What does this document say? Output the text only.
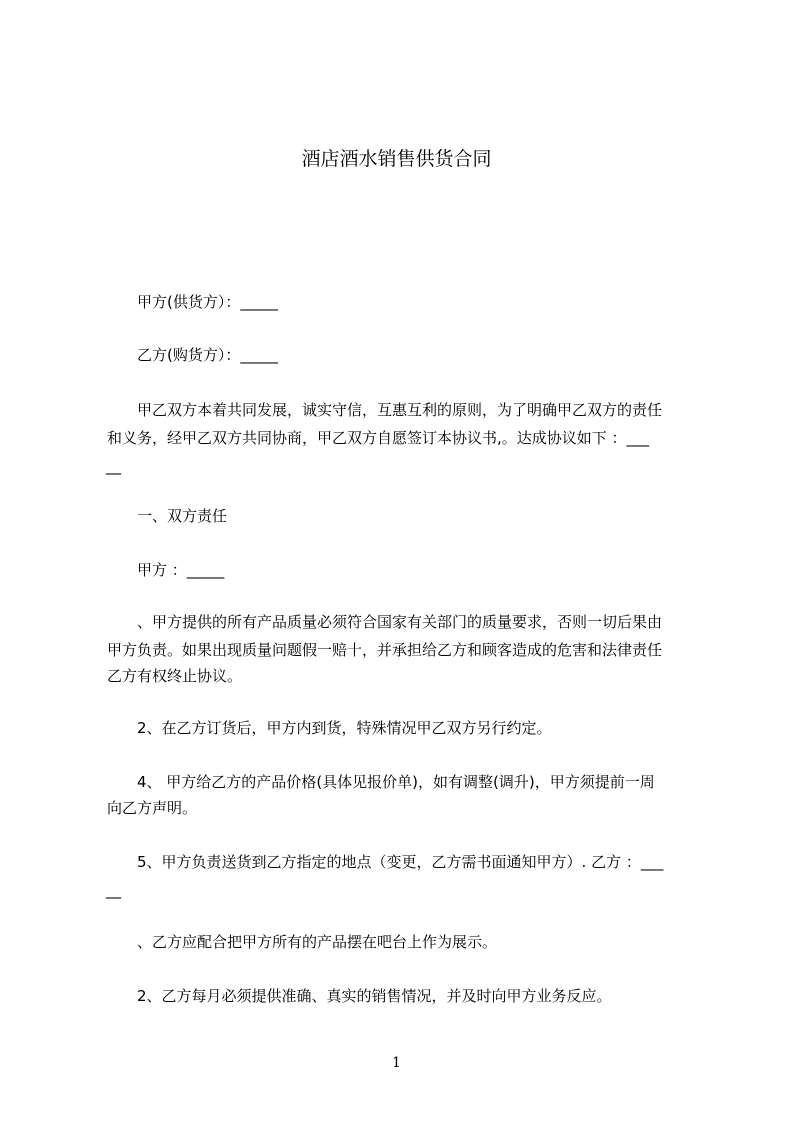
酒店酒水销售供货合同
甲方(供货方）：_____
乙方(购货方）：_____
甲乙双方本着共同发展，诚实守信，互惠互利的原则，为了明确甲乙双方的责任
和义务，经甲乙双方共同协商，甲乙双方自愿签订本协议书,。达成协议如下 ：___
__
一、双方责任
甲方 ：_____
、甲方提供的所有产品质量必须符合国家有关部门的质量要求，否则一切后果由
甲方负责。如果出现质量问题假一赔十，并承担给乙方和顾客造成的危害和法律责任
乙方有权终止协议。
2、在乙方订货后，甲方内到货，特殊情况甲乙双方另行约定。
4、 甲方给乙方的产品价格(具体见报价单)，如有调整(调升)，甲方须提前一周
向乙方声明。
5、甲方负责送货到乙方指定的地点（变更，乙方需书面通知甲方）. 乙方 ：___
__
、乙方应配合把甲方所有的产品摆在吧台上作为展示。
2、乙方每月必须提供准确、真实的销售情况，并及时向甲方业务反应。
1
